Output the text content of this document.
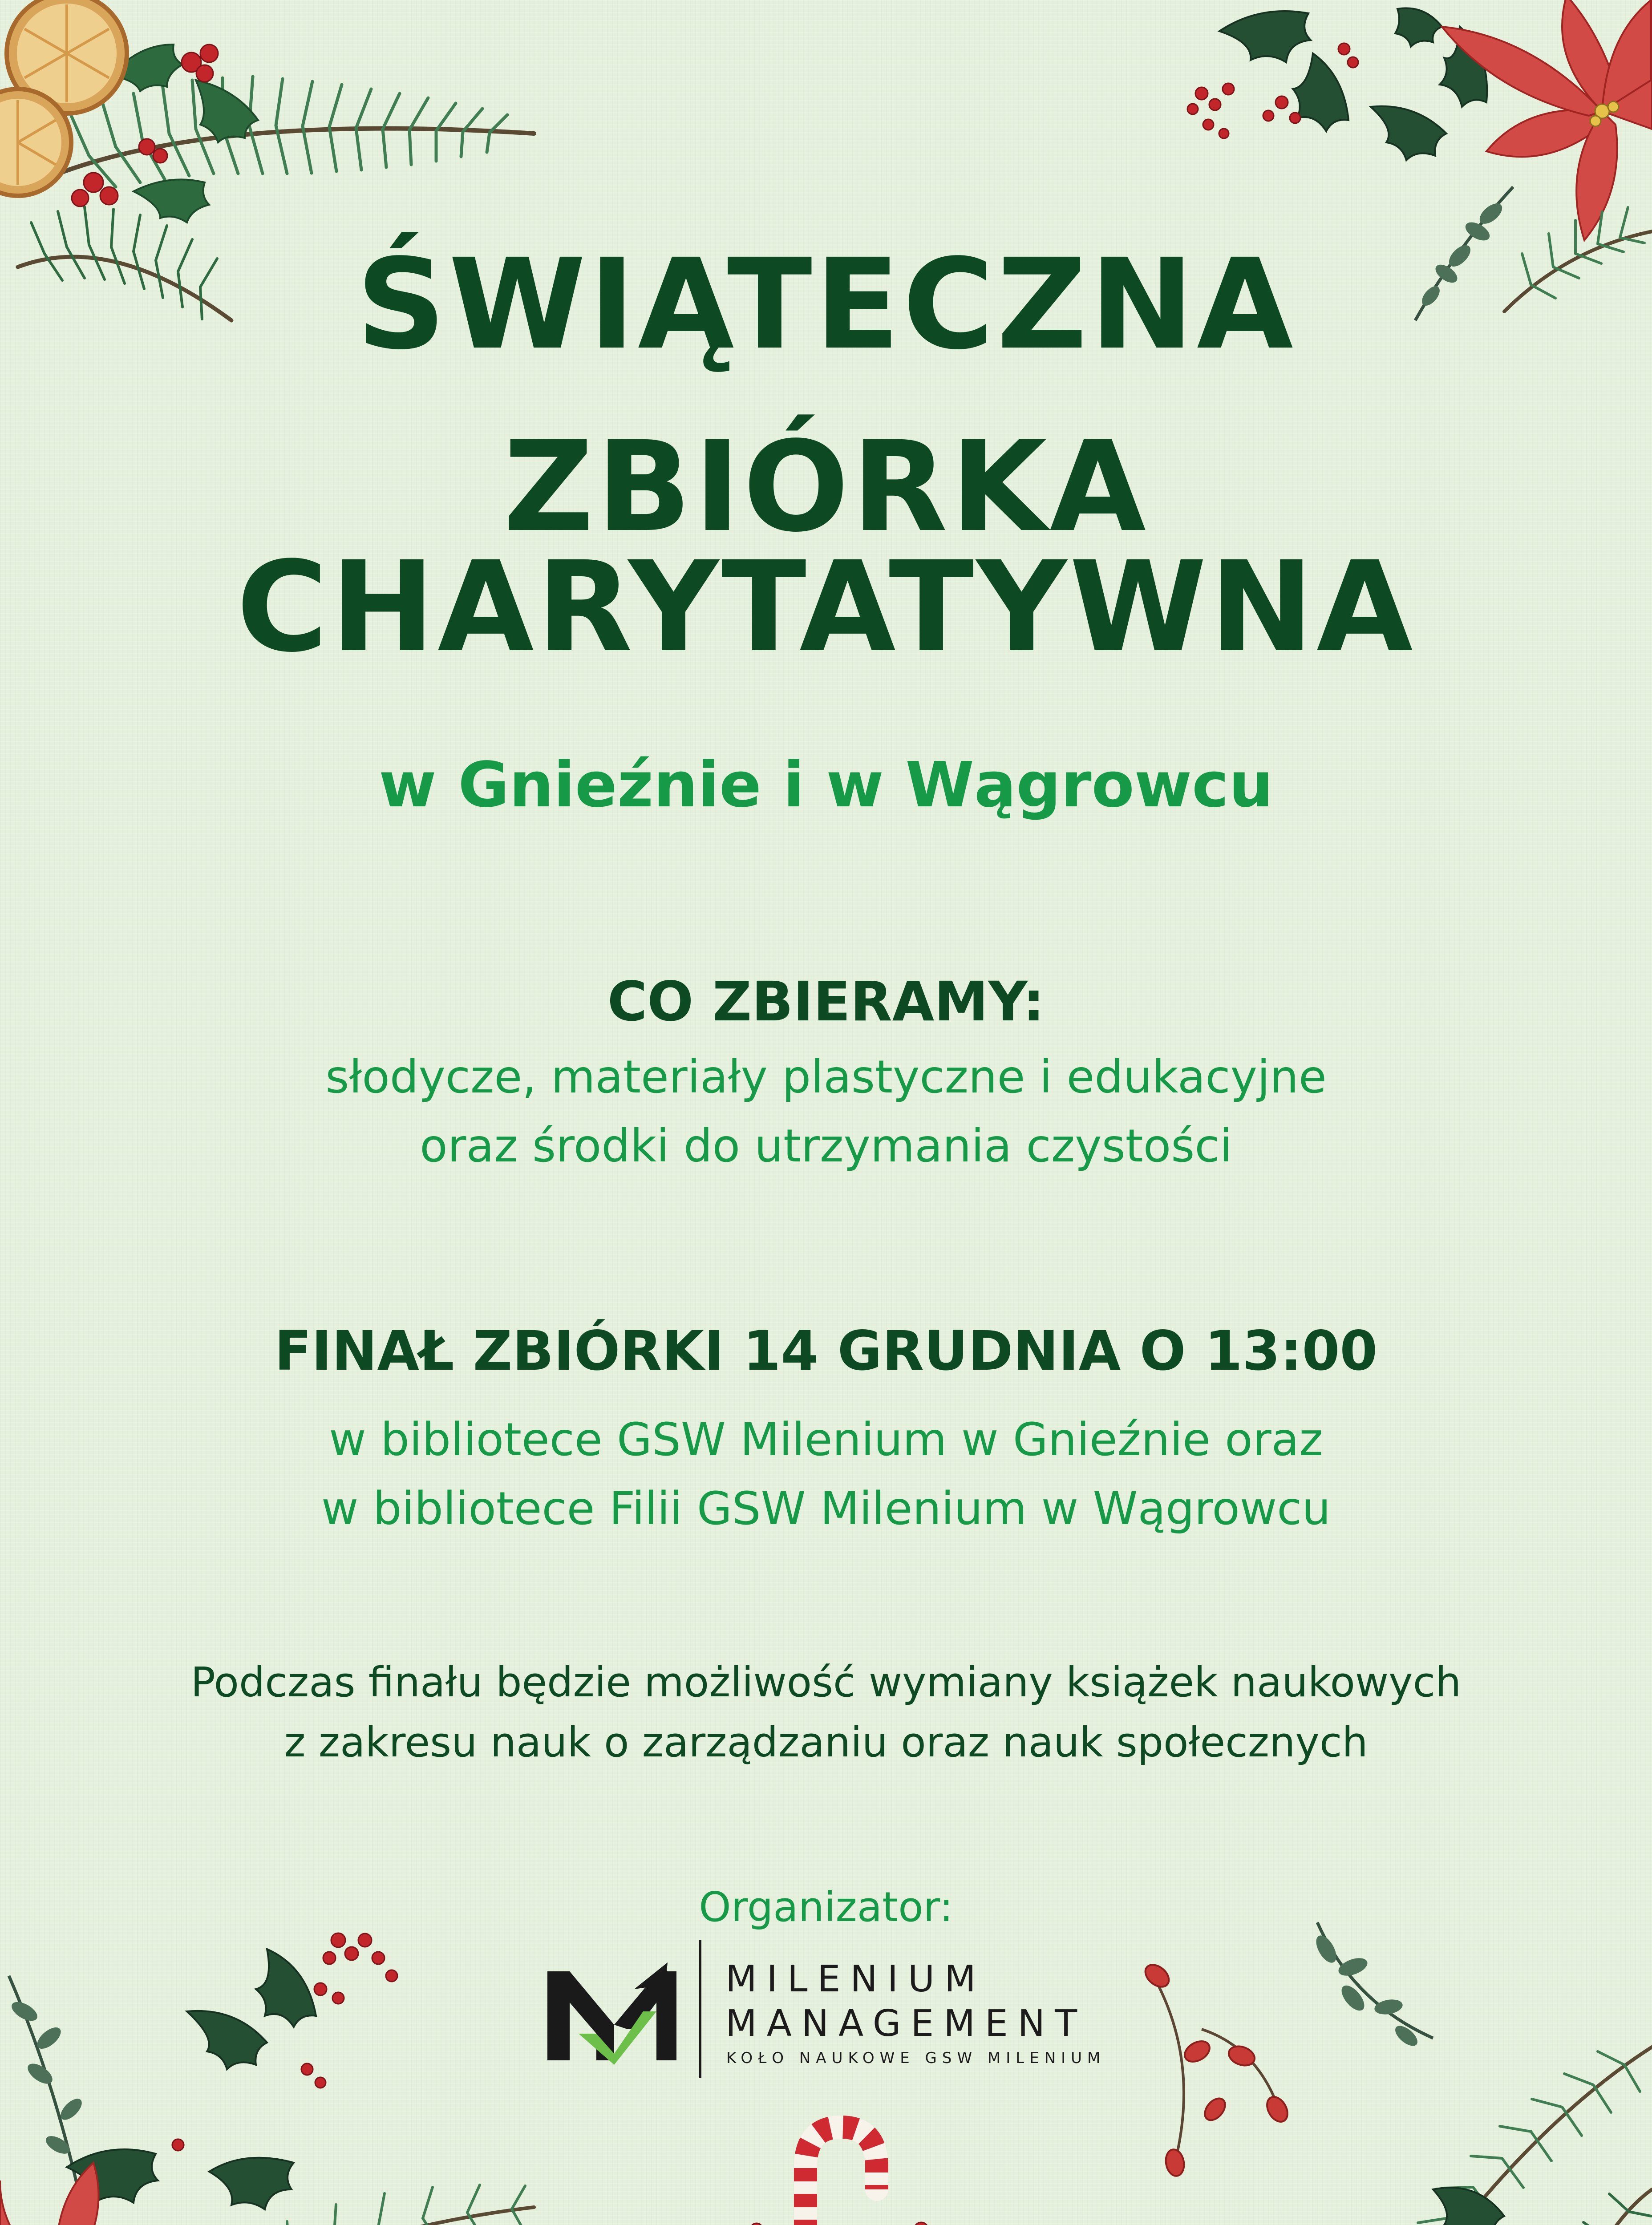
ŚWIĄTECZNA
ZBIÓRKA
CHARYTATYWNA
w Gnieźnie i w Wągrowcu
CO ZBIERAMY:
słodycze, materiały plastyczne i edukacyjne
oraz środki do utrzymania czystości
FINAŁ ZBIÓRKI 14 GRUDNIA O 13:00
w bibliotece GSW Milenium w Gnieźnie oraz
w bibliotece Filii GSW Milenium w Wągrowcu
Podczas finału będzie możliwość wymiany książek naukowych
z zakresu nauk o zarządzaniu oraz nauk społecznych
Organizator:
MILENIUM
MANAGEMENT
KOŁO NAUKOWE GSW MILENIUM
